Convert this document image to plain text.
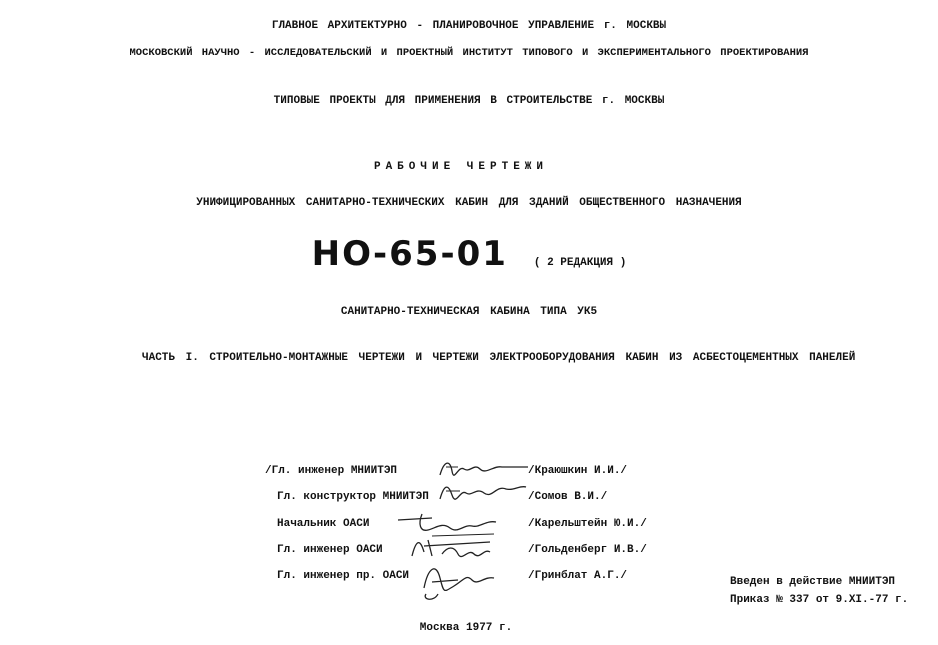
ГЛАВНОЕ АРХИТЕКТУРНО - ПЛАНИРОВОЧНОЕ УПРАВЛЕНИЕ г. МОСКВЫ
МОСКОВСКИЙ НАУЧНО - ИССЛЕДОВАТЕЛЬСКИЙ И ПРОЕКТНЫЙ ИНСТИТУТ ТИПОВОГО И ЭКСПЕРИМЕНТАЛЬНОГО ПРОЕКТИРОВАНИЯ
ТИПОВЫЕ ПРОЕКТЫ ДЛЯ ПРИМЕНЕНИЯ В СТРОИТЕЛЬСТВЕ г. МОСКВЫ
РАБОЧИЕ ЧЕРТЕЖИ
УНИФИЦИРОВАННЫХ САНИТАРНО-ТЕХНИЧЕСКИХ КАБИН ДЛЯ ЗДАНИЙ ОБЩЕСТВЕННОГО НАЗНАЧЕНИЯ
НО-65-01 ( 2 РЕДАКЦИЯ )
САНИТАРНО-ТЕХНИЧЕСКАЯ КАБИНА ТИПА УК5
ЧАСТЬ I. СТРОИТЕЛЬНО-МОНТАЖНЫЕ ЧЕРТЕЖИ И ЧЕРТЕЖИ ЭЛЕКТРООБОРУДОВАНИЯ КАБИН ИЗ АСБЕСТОЦЕМЕНТНЫХ ПАНЕЛЕЙ
/Гл. инженер МНИИТЭП	/Краюшкин И.И./
Гл. конструктор МНИИТЭП	/Сомов В.И./
Начальник ОАСИ	/Карельштейн Ю.И./
Гл. инженер ОАСИ	/Гольденберг И.В./
Гл. инженер пр. ОАСИ	/Гринблат А.Г./
Москва 1977 г.
Введен в действие МНИИТЭП
Приказ № 337 от 9.XI.-77 г.
